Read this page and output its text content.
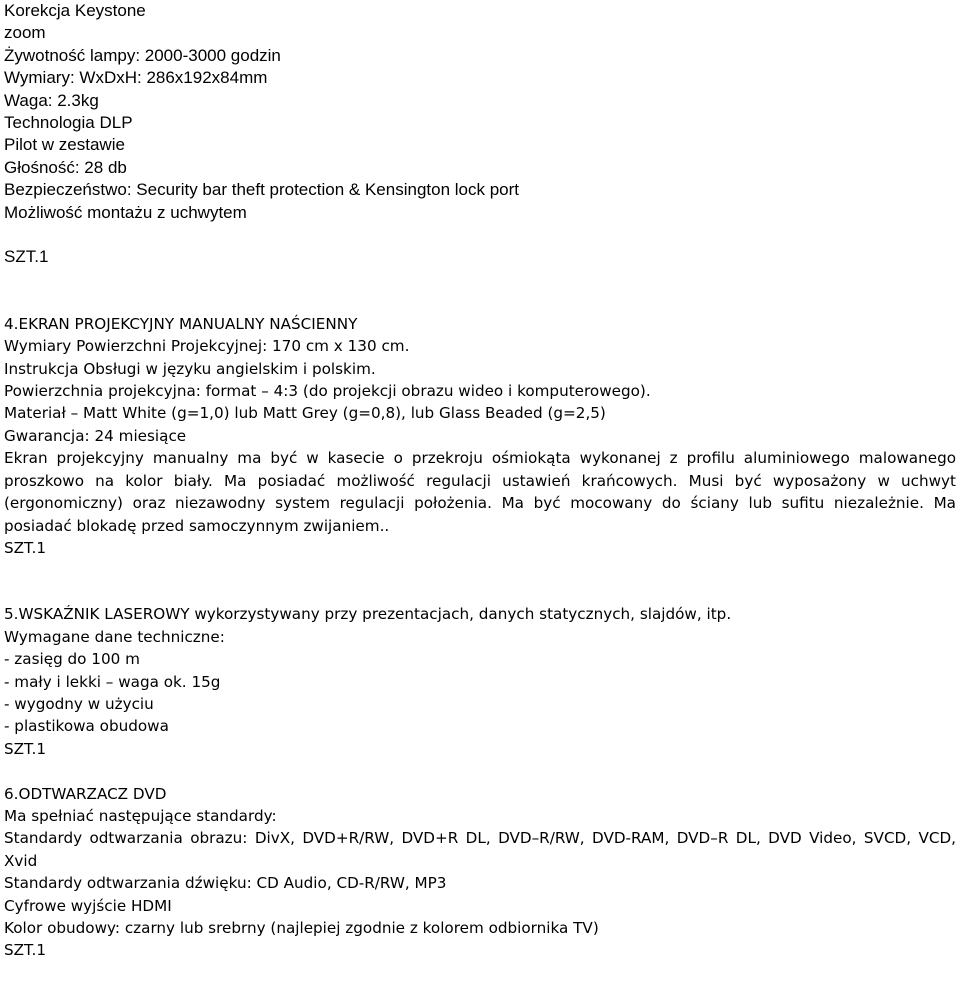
Korekcja Keystone

zoom

Żywotność lampy: 2000-3000 godzin

Wymiary: WxDxH: 286x192x84mm

Waga: 2.3kg

Technologia DLP

Pilot w zestawie

Głośność: 28 db

Bezpieczeństwo: Security bar theft protection & Kensington lock port

Możliwość montażu z uchwytem

SZT.1

4.EKRAN PROJEKCYJNY MANUALNY NAŚCIENNY

Wymiary Powierzchni Projekcyjnej: 170 cm x 130 cm.

Instrukcja Obsługi w języku angielskim i polskim.

Powierzchnia projekcyjna: format – 4:3 (do projekcji obrazu wideo i komputerowego).

Materiał – Matt White (g=1,0) lub Matt Grey (g=0,8), lub Glass Beaded (g=2,5)

Gwarancja: 24 miesiące

Ekran projekcyjny manualny ma być w kasecie o przekroju ośmiokąta wykonanej z profilu aluminiowego malowanego proszkowo na kolor biały. Ma posiadać możliwość regulacji ustawień krańcowych. Musi być wyposażony w uchwyt (ergonomiczny) oraz niezawodny system regulacji położenia. Ma być mocowany do ściany lub sufitu niezależnie. Ma posiadać blokadę przed samoczynnym zwijaniem..

SZT.1

5.WSKAŹNIK LASEROWY wykorzystywany przy prezentacjach, danych statycznych, slajdów, itp.

Wymagane dane techniczne:

- zasięg do 100 m

- mały i lekki – waga ok. 15g

- wygodny w użyciu

- plastikowa obudowa

SZT.1

6.ODTWARZACZ DVD

Ma spełniać następujące standardy:

Standardy odtwarzania obrazu: DivX, DVD+R/RW, DVD+R DL, DVD–R/RW, DVD-RAM, DVD–R DL, DVD Video, SVCD, VCD, Xvid

Standardy odtwarzania dźwięku: CD Audio, CD-R/RW, MP3

Cyfrowe wyjście HDMI

Kolor obudowy: czarny lub srebrny (najlepiej zgodnie z kolorem odbiornika TV)

SZT.1
